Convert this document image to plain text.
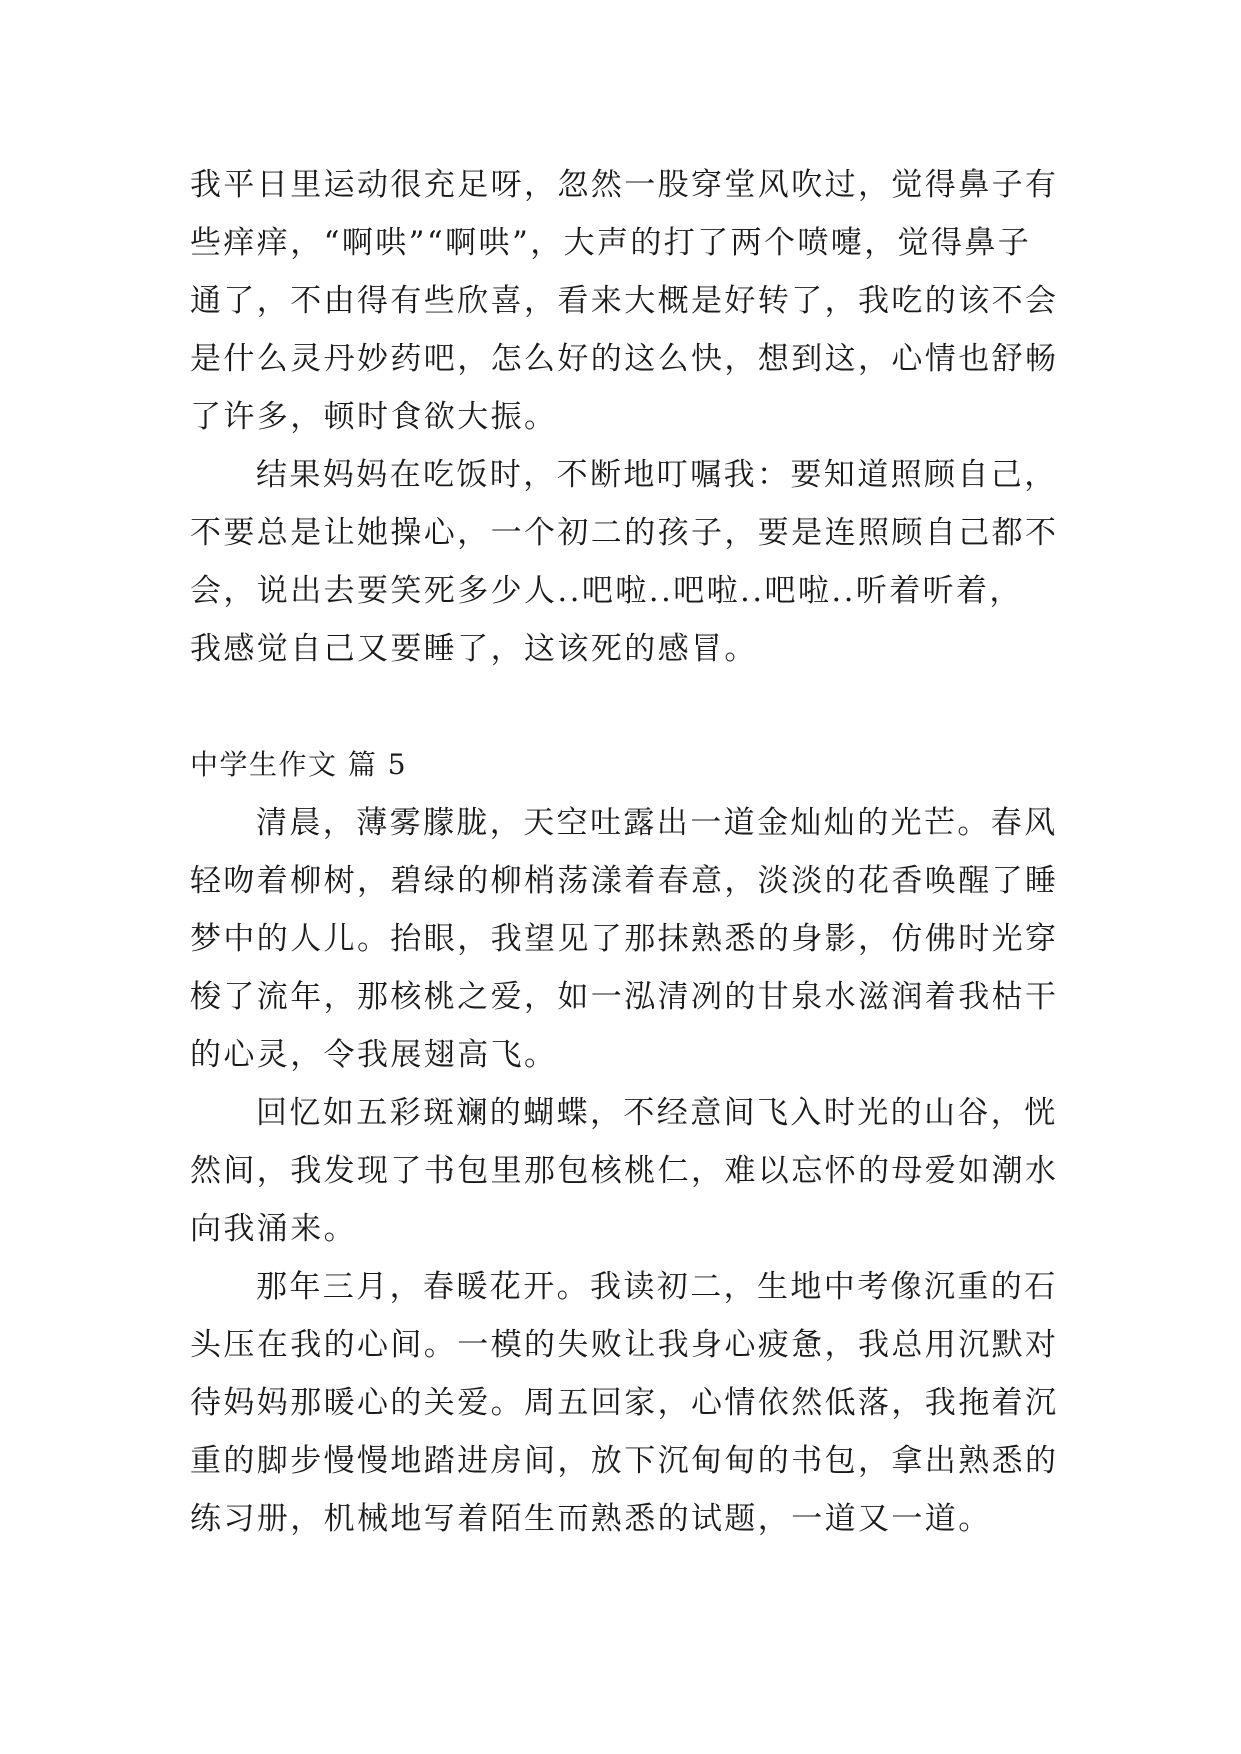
我平日里运动很充足呀，忽然一股穿堂风吹过，觉得鼻子有
些痒痒，“啊哄”“啊哄”，大声的打了两个喷嚏，觉得鼻子
通了，不由得有些欣喜，看来大概是好转了，我吃的该不会
是什么灵丹妙药吧，怎么好的这么快，想到这，心情也舒畅
了许多，顿时食欲大振。
结果妈妈在吃饭时，不断地叮嘱我：要知道照顾自己，
不要总是让她操心，一个初二的孩子，要是连照顾自己都不
会，说出去要笑死多少人..吧啦..吧啦..吧啦..听着听着，
我感觉自己又要睡了，这该死的感冒。
中学生作文 篇 5
清晨，薄雾朦胧，天空吐露出一道金灿灿的光芒。春风
轻吻着柳树，碧绿的柳梢荡漾着春意，淡淡的花香唤醒了睡
梦中的人儿。抬眼，我望见了那抹熟悉的身影，仿佛时光穿
梭了流年，那核桃之爱，如一泓清冽的甘泉水滋润着我枯干
的心灵，令我展翅高飞。
回忆如五彩斑斓的蝴蝶，不经意间飞入时光的山谷，恍
然间，我发现了书包里那包核桃仁，难以忘怀的母爱如潮水
向我涌来。
那年三月，春暖花开。我读初二，生地中考像沉重的石
头压在我的心间。一模的失败让我身心疲惫，我总用沉默对
待妈妈那暖心的关爱。周五回家，心情依然低落，我拖着沉
重的脚步慢慢地踏进房间，放下沉甸甸的书包，拿出熟悉的
练习册，机械地写着陌生而熟悉的试题，一道又一道。
